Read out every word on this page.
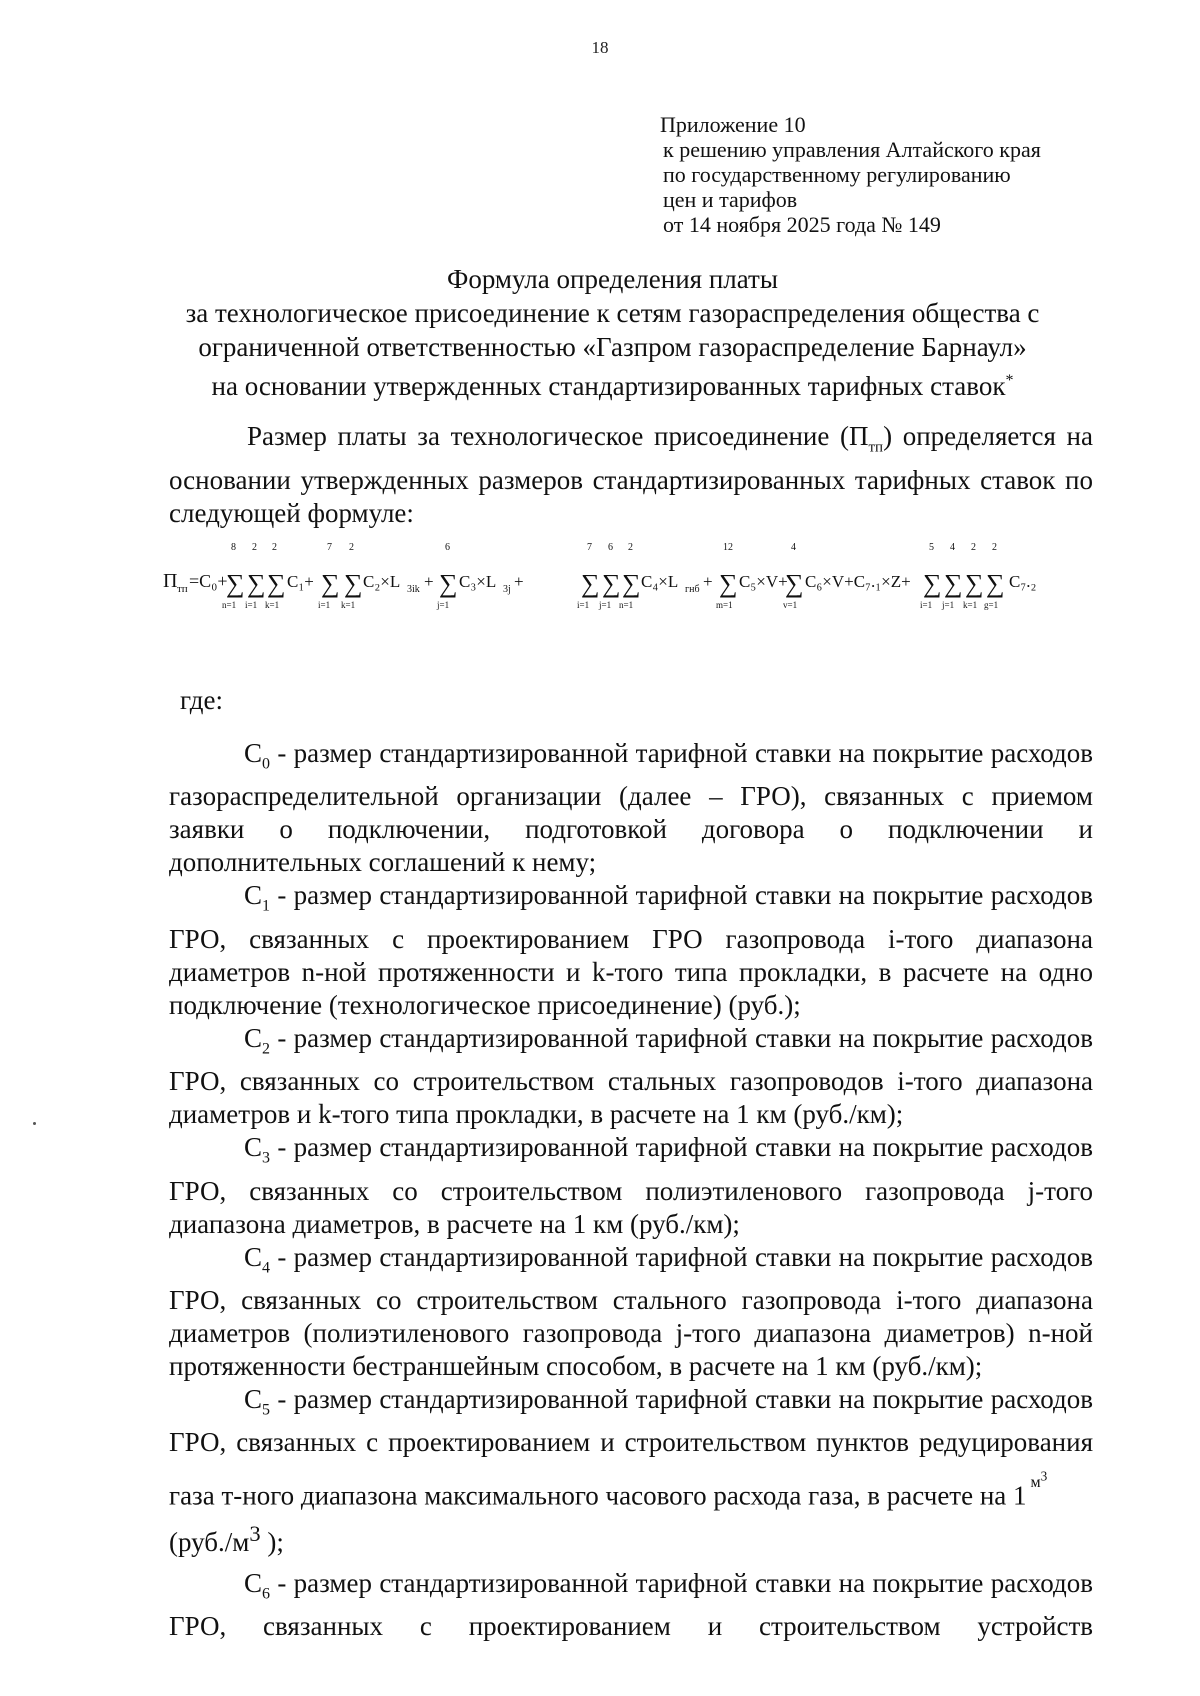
18
Приложение 10
к решению управления Алтайского края
по государственному регулированию
цен и тарифов
от 14 ноября 2025 года № 149
Формула определения платы
за технологическое присоединение к сетям газораспределения общества с
ограниченной ответственностью «Газпром газораспределение Барнаул»
на основании утвержденных стандартизированных тарифных ставок*
Размер платы за технологическое присоединение $(П_{тп})$ определяется на основании утвержденных размеров стандартизированных тарифных ставок по следующей формуле:
П тп =C₀+
8
∑
n=1
2
∑
i=1
2
∑
k=1
C₁+
7
∑
i=1
2
∑
k=1
C₂×L 3ik +
6
∑
j=1
C₃×L 3j +
7
∑
i=1
6
∑
j=1
2
∑
n=1
C₄×L гнб +
12
∑
m=1
C₅×V+
4
∑
v=1
C₆×V+C₇.₁×Z+
5
∑
i=1
4
∑
j=1
2
∑
k=1
2
∑
g=1
C₇.₂
где:
$C_0$ - размер стандартизированной тарифной ставки на покрытие расходов газораспределительной организации (далее – ГРО), связанных с приемом заявки о подключении, подготовкой договора о подключении и дополнительных соглашений к нему;
$C_1$ - размер стандартизированной тарифной ставки на покрытие расходов ГРО, связанных с проектированием ГРО газопровода i-того диапазона диаметров n-ной протяженности и k-того типа прокладки, в расчете на одно подключение (технологическое присоединение) (руб.);
$C_2$ - размер стандартизированной тарифной ставки на покрытие расходов ГРО, связанных со строительством стальных газопроводов i-того диапазона диаметров и k-того типа прокладки, в расчете на 1 км (руб./км);
$C_3$ - размер стандартизированной тарифной ставки на покрытие расходов ГРО, связанных со строительством полиэтиленового газопровода j-того диапазона диаметров, в расчете на 1 км (руб./км);
$C_4$ - размер стандартизированной тарифной ставки на покрытие расходов ГРО, связанных со строительством стального газопровода i-того диапазона диаметров (полиэтиленового газопровода j-того диапазона диаметров) n-ной протяженности бестраншейным способом, в расчете на 1 км (руб./км);
$C_5$ - размер стандартизированной тарифной ставки на покрытие расходов ГРО, связанных с проектированием и строительством пунктов редуцирования газа т-ного диапазона максимального часового расхода газа, в расчете на 1 $^{м^3}$
($руб./м^3$ );
$C_6$ - размер стандартизированной тарифной ставки на покрытие расходов ГРО, связанных с проектированием и строительством устройств
